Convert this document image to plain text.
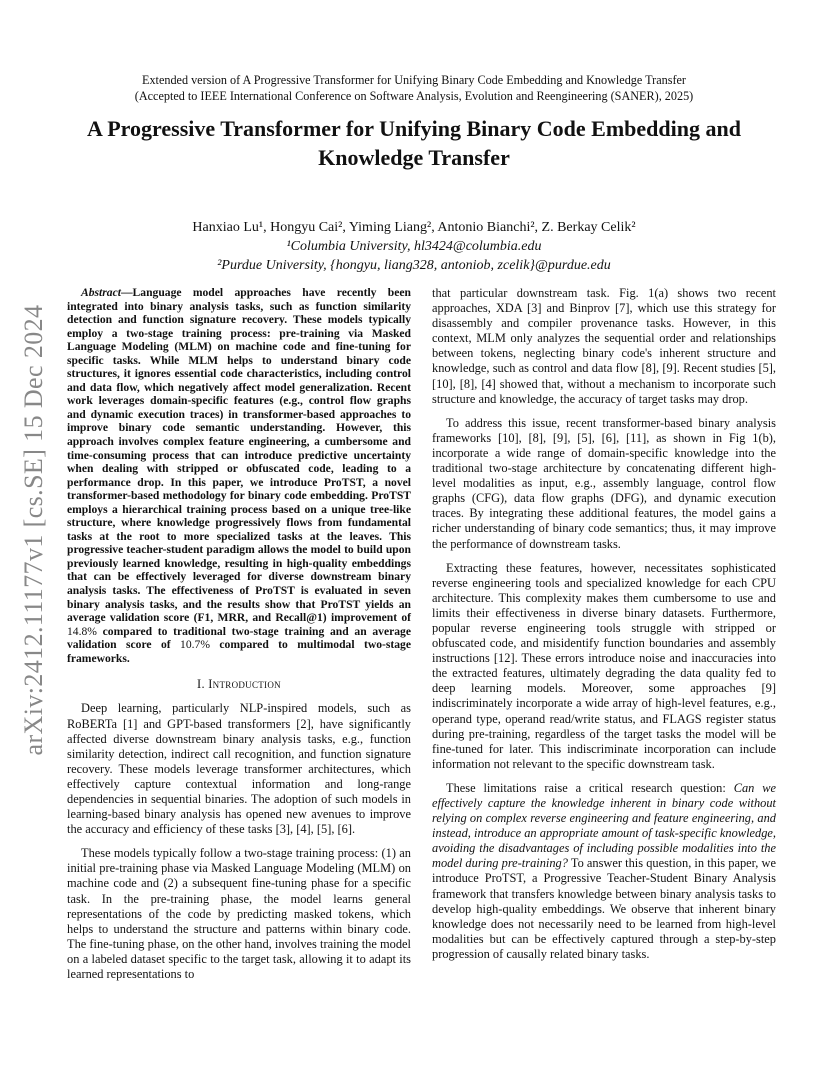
Extended version of A Progressive Transformer for Unifying Binary Code Embedding and Knowledge Transfer
(Accepted to IEEE International Conference on Software Analysis, Evolution and Reengineering (SANER), 2025)
A Progressive Transformer for Unifying Binary Code Embedding and Knowledge Transfer
Hanxiao Lu¹, Hongyu Cai², Yiming Liang², Antonio Bianchi², Z. Berkay Celik²
¹Columbia University, hl3424@columbia.edu
²Purdue University, {hongyu, liang328, antoniob, zcelik}@purdue.edu
arXiv:2412.11177v1 [cs.SE] 15 Dec 2024

Abstract—Language model approaches have recently been integrated into binary analysis tasks, such as function similarity detection and function signature recovery. These models typically employ a two-stage training process: pre-training via Masked Language Modeling (MLM) on machine code and fine-tuning for specific tasks. While MLM helps to understand binary code structures, it ignores essential code characteristics, including control and data flow, which negatively affect model generalization. Recent work leverages domain-specific features (e.g., control flow graphs and dynamic execution traces) in transformer-based approaches to improve binary code semantic understanding. However, this approach involves complex feature engineering, a cumbersome and time-consuming process that can introduce predictive uncertainty when dealing with stripped or obfuscated code, leading to a performance drop. In this paper, we introduce ProTST, a novel transformer-based methodology for binary code embedding. ProTST employs a hierarchical training process based on a unique tree-like structure, where knowledge progressively flows from fundamental tasks at the root to more specialized tasks at the leaves. This progressive teacher-student paradigm allows the model to build upon previously learned knowledge, resulting in high-quality embeddings that can be effectively leveraged for diverse downstream binary analysis tasks. The effectiveness of ProTST is evaluated in seven binary analysis tasks, and the results show that ProTST yields an average validation score (F1, MRR, and Recall@1) improvement of 14.8% compared to traditional two-stage training and an average validation score of 10.7% compared to multimodal two-stage frameworks.

I. Introduction

Deep learning, particularly NLP-inspired models, such as RoBERTa [1] and GPT-based transformers [2], have significantly affected diverse downstream binary analysis tasks, e.g., function similarity detection, indirect call recognition, and function signature recovery. These models leverage transformer architectures, which effectively capture contextual information and long-range dependencies in sequential binaries. The adoption of such models in learning-based binary analysis has opened new avenues to improve the accuracy and efficiency of these tasks [3], [4], [5], [6].

These models typically follow a two-stage training process: (1) an initial pre-training phase via Masked Language Modeling (MLM) on machine code and (2) a subsequent fine-tuning phase for a specific task. In the pre-training phase, the model learns general representations of the code by predicting masked tokens, which helps to understand the structure and patterns within binary code. The fine-tuning phase, on the other hand, involves training the model on a labeled dataset specific to the target task, allowing it to adapt its learned representations to

that particular downstream task. Fig. 1(a) shows two recent approaches, XDA [3] and Binprov [7], which use this strategy for disassembly and compiler provenance tasks. However, in this context, MLM only analyzes the sequential order and relationships between tokens, neglecting binary code's inherent structure and knowledge, such as control and data flow [8], [9]. Recent studies [5], [10], [8], [4] showed that, without a mechanism to incorporate such structure and knowledge, the accuracy of target tasks may drop.

To address this issue, recent transformer-based binary analysis frameworks [10], [8], [9], [5], [6], [11], as shown in Fig 1(b), incorporate a wide range of domain-specific knowledge into the traditional two-stage architecture by concatenating different high-level modalities as input, e.g., assembly language, control flow graphs (CFG), data flow graphs (DFG), and dynamic execution traces. By integrating these additional features, the model gains a richer understanding of binary code semantics; thus, it may improve the performance of downstream tasks.

Extracting these features, however, necessitates sophisticated reverse engineering tools and specialized knowledge for each CPU architecture. This complexity makes them cumbersome to use and limits their effectiveness in diverse binary datasets. Furthermore, popular reverse engineering tools struggle with stripped or obfuscated code, and misidentify function boundaries and assembly instructions [12]. These errors introduce noise and inaccuracies into the extracted features, ultimately degrading the data quality fed to deep learning models. Moreover, some approaches [9] indiscriminately incorporate a wide array of high-level features, e.g., operand type, operand read/write status, and FLAGS register status during pre-training, regardless of the target tasks the model will be fine-tuned for later. This indiscriminate incorporation can include information not relevant to the specific downstream task.

These limitations raise a critical research question: Can we effectively capture the knowledge inherent in binary code without relying on complex reverse engineering and feature engineering, and instead, introduce an appropriate amount of task-specific knowledge, avoiding the disadvantages of including possible modalities into the model during pre-training? To answer this question, in this paper, we introduce ProTST, a Progressive Teacher-Student Binary Analysis framework that transfers knowledge between binary analysis tasks to develop high-quality embeddings. We observe that inherent binary knowledge does not necessarily need to be learned from high-level modalities but can be effectively captured through a step-by-step progression of causally related binary tasks.
